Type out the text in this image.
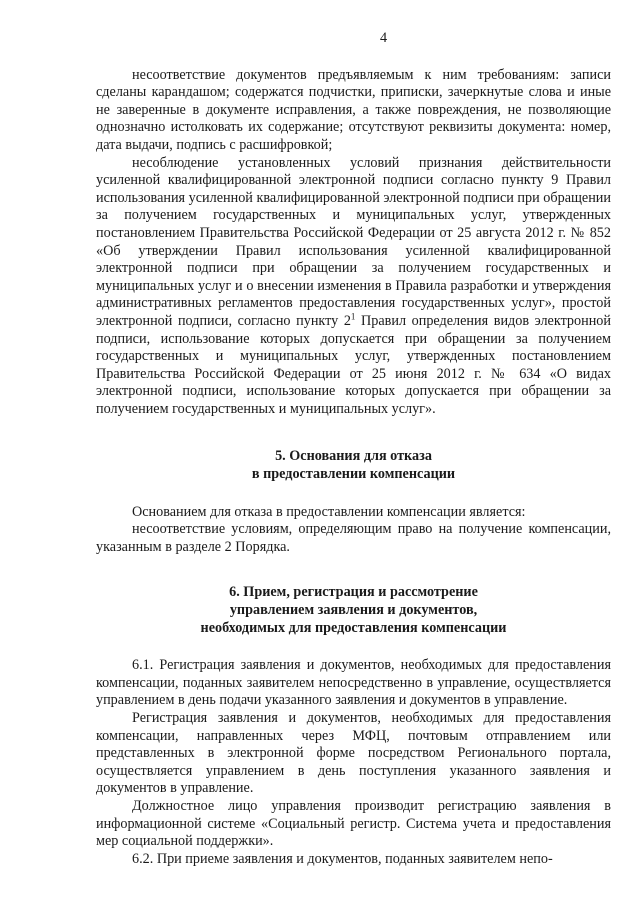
4

несоответствие документов предъявляемым к ним требованиям: записи сделаны карандашом; содержатся подчистки, приписки, зачеркнутые слова и иные не заверенные в документе исправления, а также повреждения, не позволяющие однозначно истолковать их содержание; отсутствуют реквизиты документа: номер, дата выдачи, подпись с расшифровкой;

несоблюдение установленных условий признания действительности усиленной квалифицированной электронной подписи согласно пункту 9 Правил использования усиленной квалифицированной электронной подписи при обращении за получением государственных и муниципальных услуг, утвержденных постановлением Правительства Российской Федерации от 25 августа 2012 г. № 852 «Об утверждении Правил использования усиленной квалифицированной электронной подписи при обращении за получением государственных и муниципальных услуг и о внесении изменения в Правила разработки и утверждения административных регламентов предоставления государственных услуг», простой электронной подписи, согласно пункту $2^1$ Правил определения видов электронной подписи, использование которых допускается при обращении за получением государственных и муниципальных услуг, утвержденных постановлением Правительства Российской Федерации от 25 июня 2012 г. № 634 «О видах электронной подписи, использование которых допускается при обращении за получением государственных и муниципальных услуг».

5. Основания для отказа
в предоставлении компенсации

Основанием для отказа в предоставлении компенсации является:

несоответствие условиям, определяющим право на получение компенсации, указанным в разделе 2 Порядка.

6. Прием, регистрация и рассмотрение
управлением заявления и документов,
необходимых для предоставления компенсации

6.1. Регистрация заявления и документов, необходимых для предоставления компенсации, поданных заявителем непосредственно в управление, осуществляется управлением в день подачи указанного заявления и документов в управление.

Регистрация заявления и документов, необходимых для предоставления компенсации, направленных через МФЦ, почтовым отправлением или представленных в электронной форме посредством Регионального портала, осуществляется управлением в день поступления указанного заявления и документов в управление.

Должностное лицо управления производит регистрацию заявления в информационной системе «Социальный регистр. Система учета и предоставления мер социальной поддержки».

6.2. При приеме заявления и документов, поданных заявителем непо-
